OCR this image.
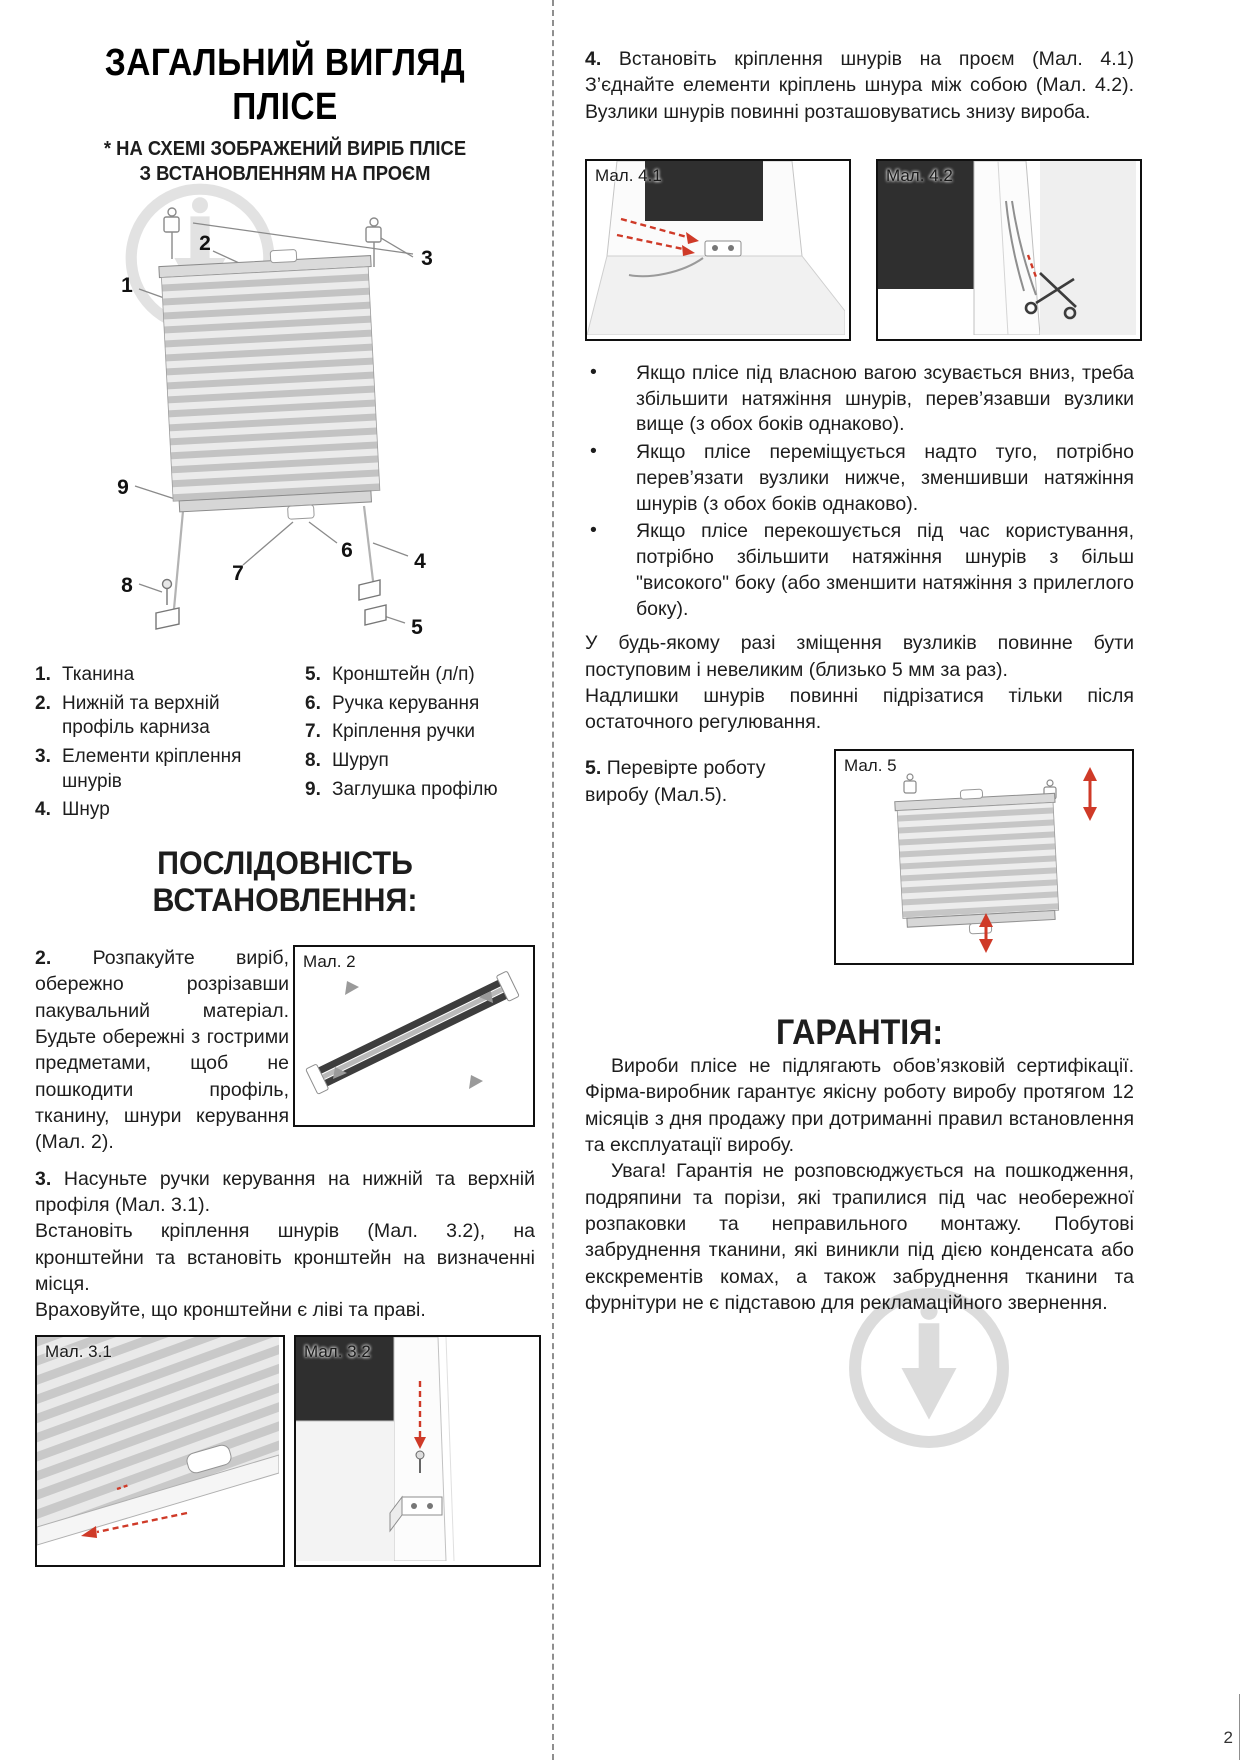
ЗАГАЛЬНИЙ ВИГЛЯД
ПЛІСЕ
* НА СХЕМІ ЗОБРАЖЕНИЙ ВИРІБ ПЛІСЕ
З ВСТАНОВЛЕННЯМ НА ПРОЄМ
1
2
3
4
5
6
7
8
9
1. Тканина
2. Нижній та верхній профіль карниза
3. Елементи кріплення шнурів
4. Шнур
5. Кронштейн (л/п)
6. Ручка керування
7. Кріплення ручки
8. Шуруп
9. Заглушка профілю
ПОСЛІДОВНІСТЬ ВСТАНОВЛЕННЯ:

2. Розпакуйте виріб, обережно розрізавши пакувальний матеріал. Будьте обережні з гострими предметами, щоб не пошкодити профіль, тканину, шнури керування (Мал. 2).

Мал. 2

3. Насуньте ручки керування на нижній та верхній профіля (Мал. 3.1).

Встановіть кріплення шнурів (Мал. 3.2), на кронштейни та встановіть кронштейн на визначенні місця.

Враховуйте, що кронштейни є ліві та праві.

Мал. 3.1	Мал. 3.2

4. Встановіть кріплення шнурів на проєм (Мал. 4.1) З’єднайте елементи кріплень шнура між собою (Мал. 4.2). Вузлики шнурів повинні розташовуватись знизу вироба.

Мал. 4.1	Мал. 4.2
• Якщо плісе під власною вагою зсувається вниз, треба збільшити натяжіння шнурів, перев’язавши вузлики вище (з обох боків однаково).

• Якщо плісе переміщується надто туго, потрібно перев’язати вузлики нижче, зменшивши натяжіння шнурів (з обох боків однаково).

• Якщо плісе перекошується під час користування, потрібно збільшити натяжіння шнурів з більш "високого" боку (або зменшити натяжіння з прилеглого боку).

У будь-якому разі зміщення вузликів повинне бути поступовим і невеликим (близько 5 мм за раз).

Надлишки шнурів повинні підрізатися тільки після остаточного регулювання.

Мал. 5

5. Перевірте роботу виробу (Мал.5).

ГАРАНТІЯ:

Вироби плісе не підлягають обов’язковій сертифікації. Фірма-виробник гарантує якісну роботу виробу протягом 12 місяців з дня продажу при дотриманні правил встановлення та експлуатації виробу.

Увага! Гарантія не розповсюджується на пошкодження, подряпини та порізи, які трапилися під час необережної розпаковки та неправильного монтажу. Побутові забруднення тканини, які виникли під дією конденсата або екскрементів комах, а також забруднення тканини та фурнітури не є підставою для рекламаційного звернення.

2
